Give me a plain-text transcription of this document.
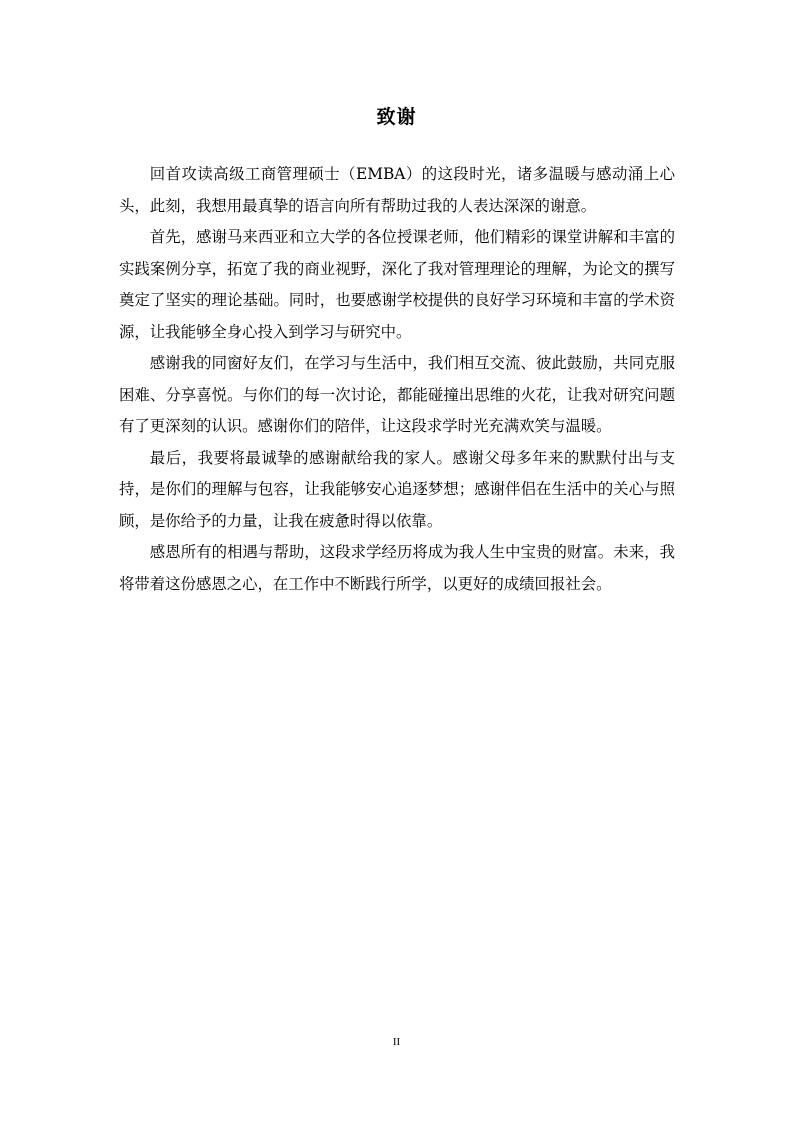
致谢

回首攻读高级工商管理硕士（EMBA）的这段时光，诸多温暖与感动涌上心头，此刻，我想用最真挚的语言向所有帮助过我的人表达深深的谢意。

首先，感谢马来西亚和立大学的各位授课老师，他们精彩的课堂讲解和丰富的实践案例分享，拓宽了我的商业视野，深化了我对管理理论的理解，为论文的撰写奠定了坚实的理论基础。同时，也要感谢学校提供的良好学习环境和丰富的学术资源，让我能够全身心投入到学习与研究中。

感谢我的同窗好友们，在学习与生活中，我们相互交流、彼此鼓励，共同克服困难、分享喜悦。与你们的每一次讨论，都能碰撞出思维的火花，让我对研究问题有了更深刻的认识。感谢你们的陪伴，让这段求学时光充满欢笑与温暖。

最后，我要将最诚挚的感谢献给我的家人。感谢父母多年来的默默付出与支持，是你们的理解与包容，让我能够安心追逐梦想；感谢伴侣在生活中的关心与照顾，是你给予的力量，让我在疲惫时得以依靠。

感恩所有的相遇与帮助，这段求学经历将成为我人生中宝贵的财富。未来，我将带着这份感恩之心，在工作中不断践行所学，以更好的成绩回报社会。

II
